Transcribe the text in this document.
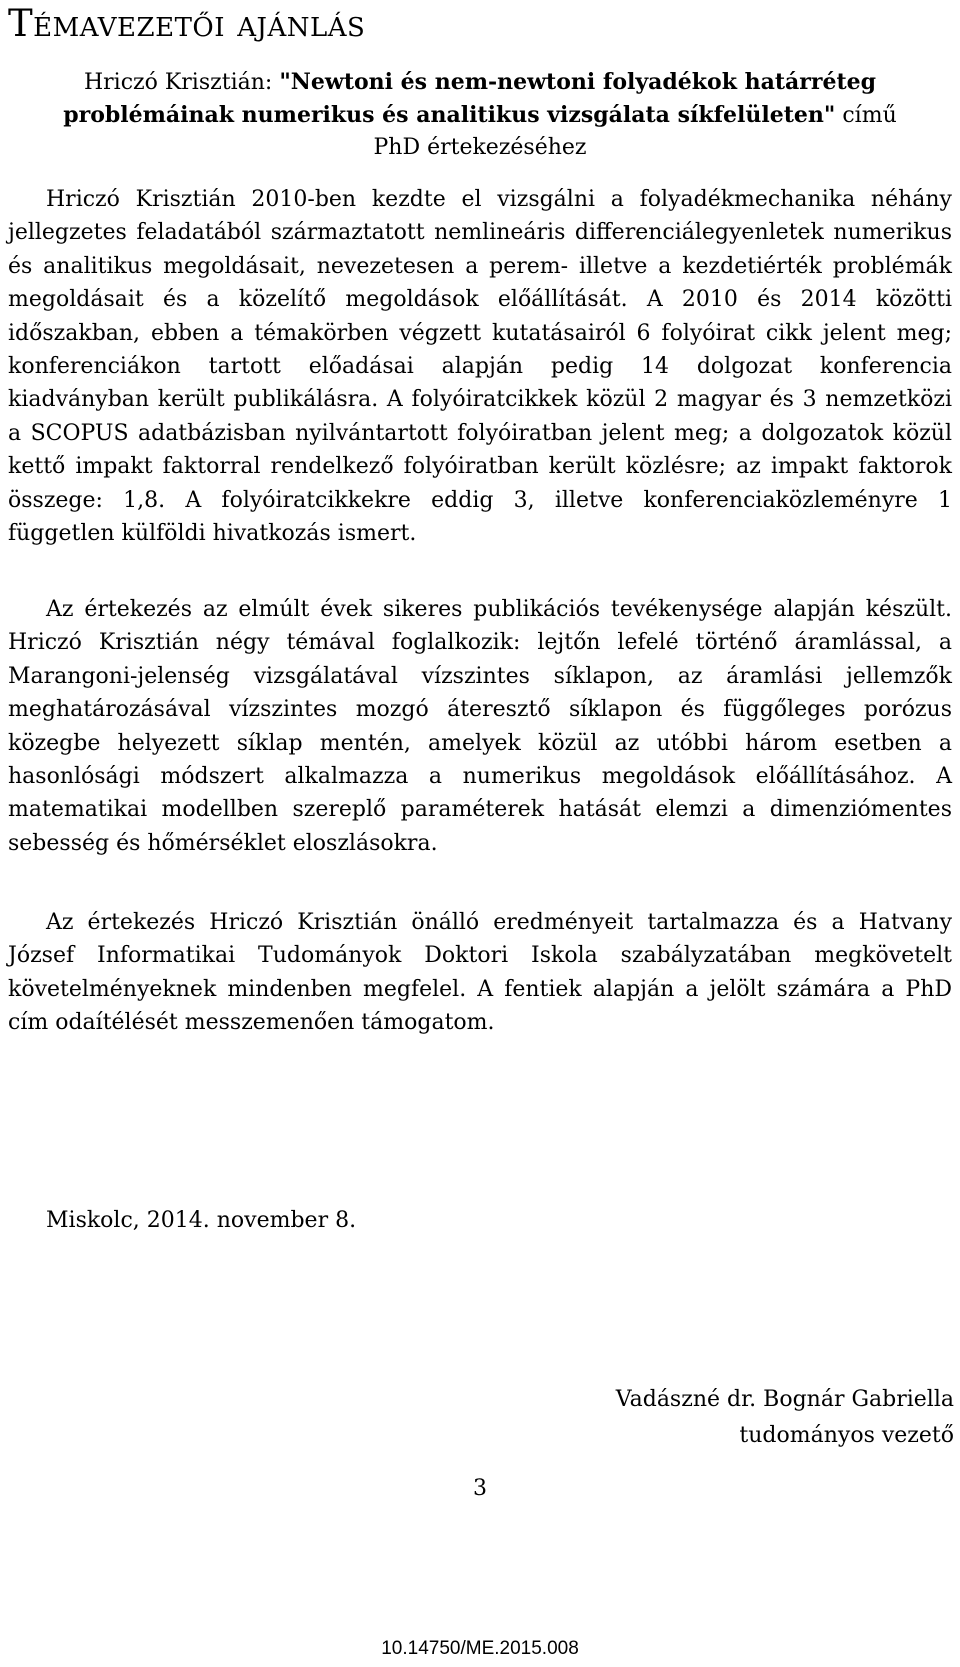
Témavezetői ajánlás
Hriczó Krisztián: "Newtoni és nem-newtoni folyadékok határréteg problémáinak numerikus és analitikus vizsgálata síkfelületen" című
PhD értekezéséhez

Hriczó Krisztián 2010-ben kezdte el vizsgálni a folyadékmechanika néhány jellegzetes feladatából származtatott nemlineáris differenciálegyenletek numerikus és analitikus megoldásait, nevezetesen a perem- illetve a kezdetiérték problémák megoldásait és a közelítő megoldások előállítását. A 2010 és 2014 közötti időszakban, ebben a témakörben végzett kutatásairól 6 folyóirat cikk jelent meg; konferenciákon tartott előadásai alapján pedig 14 dolgozat konferencia kiadványban került publikálásra. A folyóiratcikkek közül 2 magyar és 3 nemzetközi a SCOPUS adatbázisban nyilvántartott folyóiratban jelent meg; a dolgozatok közül kettő impakt faktorral rendelkező folyóiratban került közlésre; az impakt faktorok összege: 1,8. A folyóiratcikkekre eddig 3, illetve konferenciaközleményre 1 független külföldi hivatkozás ismert.

Az értekezés az elmúlt évek sikeres publikációs tevékenysége alapján készült. Hriczó Krisztián négy témával foglalkozik: lejtőn lefelé történő áramlással, a Marangoni-jelenség vizsgálatával vízszintes síklapon, az áramlási jellemzők meghatározásával vízszintes mozgó áteresztő síklapon és függőleges porózus közegbe helyezett síklap mentén, amelyek közül az utóbbi három esetben a hasonlósági módszert alkalmazza a numerikus megoldások előállításához. A matematikai modellben szereplő paraméterek hatását elemzi a dimenziómentes sebesség és hőmérséklet eloszlásokra.

Az értekezés Hriczó Krisztián önálló eredményeit tartalmazza és a Hatvany József Informatikai Tudományok Doktori Iskola szabályzatában megkövetelt követelményeknek mindenben megfelel. A fentiek alapján a jelölt számára a PhD cím odaítélését messzemenően támogatom.

Miskolc, 2014. november 8.
Vadászné dr. Bognár Gabriella
tudományos vezető
3
10.14750/ME.2015.008
